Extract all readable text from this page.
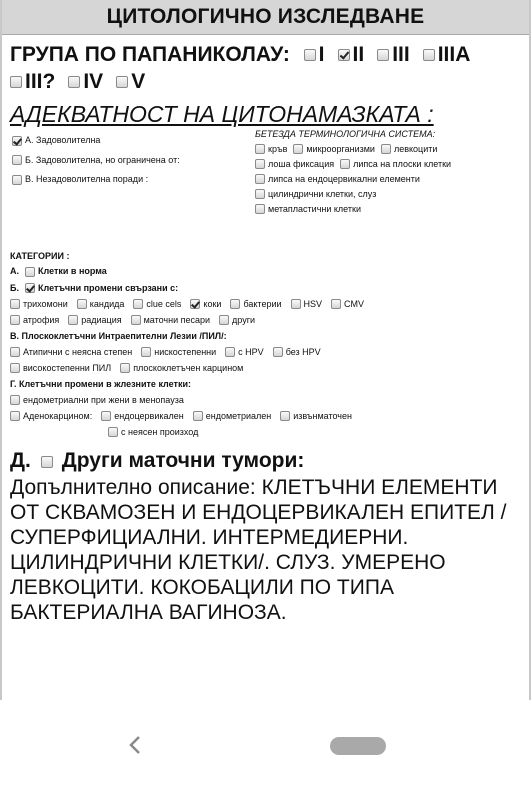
ЦИТОЛОГИЧНО ИЗСЛЕДВАНЕ
ГРУПА ПО ПАПАНИКОЛАУ: I II III IIIA
III? IV V
АДЕКВАТНОСТ НА ЦИТОНАМАЗКАТА :
А. Задоволителна
Б. Задоволителна, но ограничена от:
В. Незадоволителна поради :
БЕТЕЗДА ТЕРМИНОЛОГИЧНА СИСТЕМА:
кръв микроорганизми левкоцити
лоша фиксация липса на плоски клетки
липса на ендоцервикални елементи
цилиндрични клетки, слуз
метапластични клетки
КАТЕГОРИИ :
А. Клетки в норма
Б. Клетъчни промени свързани с:
трихомони кандида clue cels коки бактерии HSV CMV
атрофия радиация маточни песари други
В. Плоскоклетъчни Интраепителни Лезии /ПИЛ/:
Атипични с неясна степен нискостепенни с HPV без HPV
високостепенни ПИЛ плоскоклетъчен карцином
Г. Клетъчни промени в жлезните клетки:
ендометриални при жени в менопауза
Аденокарцином: ендоцервикален ендометриален извънматочен
с неясен произход
Д. Други маточни тумори:
Допълнително описание: КЛЕТЪЧНИ ЕЛЕМЕНТИ ОТ СКВАМОЗЕН И ЕНДОЦЕРВИКАЛЕН ЕПИТЕЛ / СУПЕРФИЦИАЛНИ. ИНТЕРМЕДИЕРНИ. ЦИЛИНДРИЧНИ КЛЕТКИ/. СЛУЗ. УМЕРЕНО ЛЕВКОЦИТИ. КОКОБАЦИЛИ ПО ТИПА БАКТЕРИАЛНА ВАГИНОЗА.
